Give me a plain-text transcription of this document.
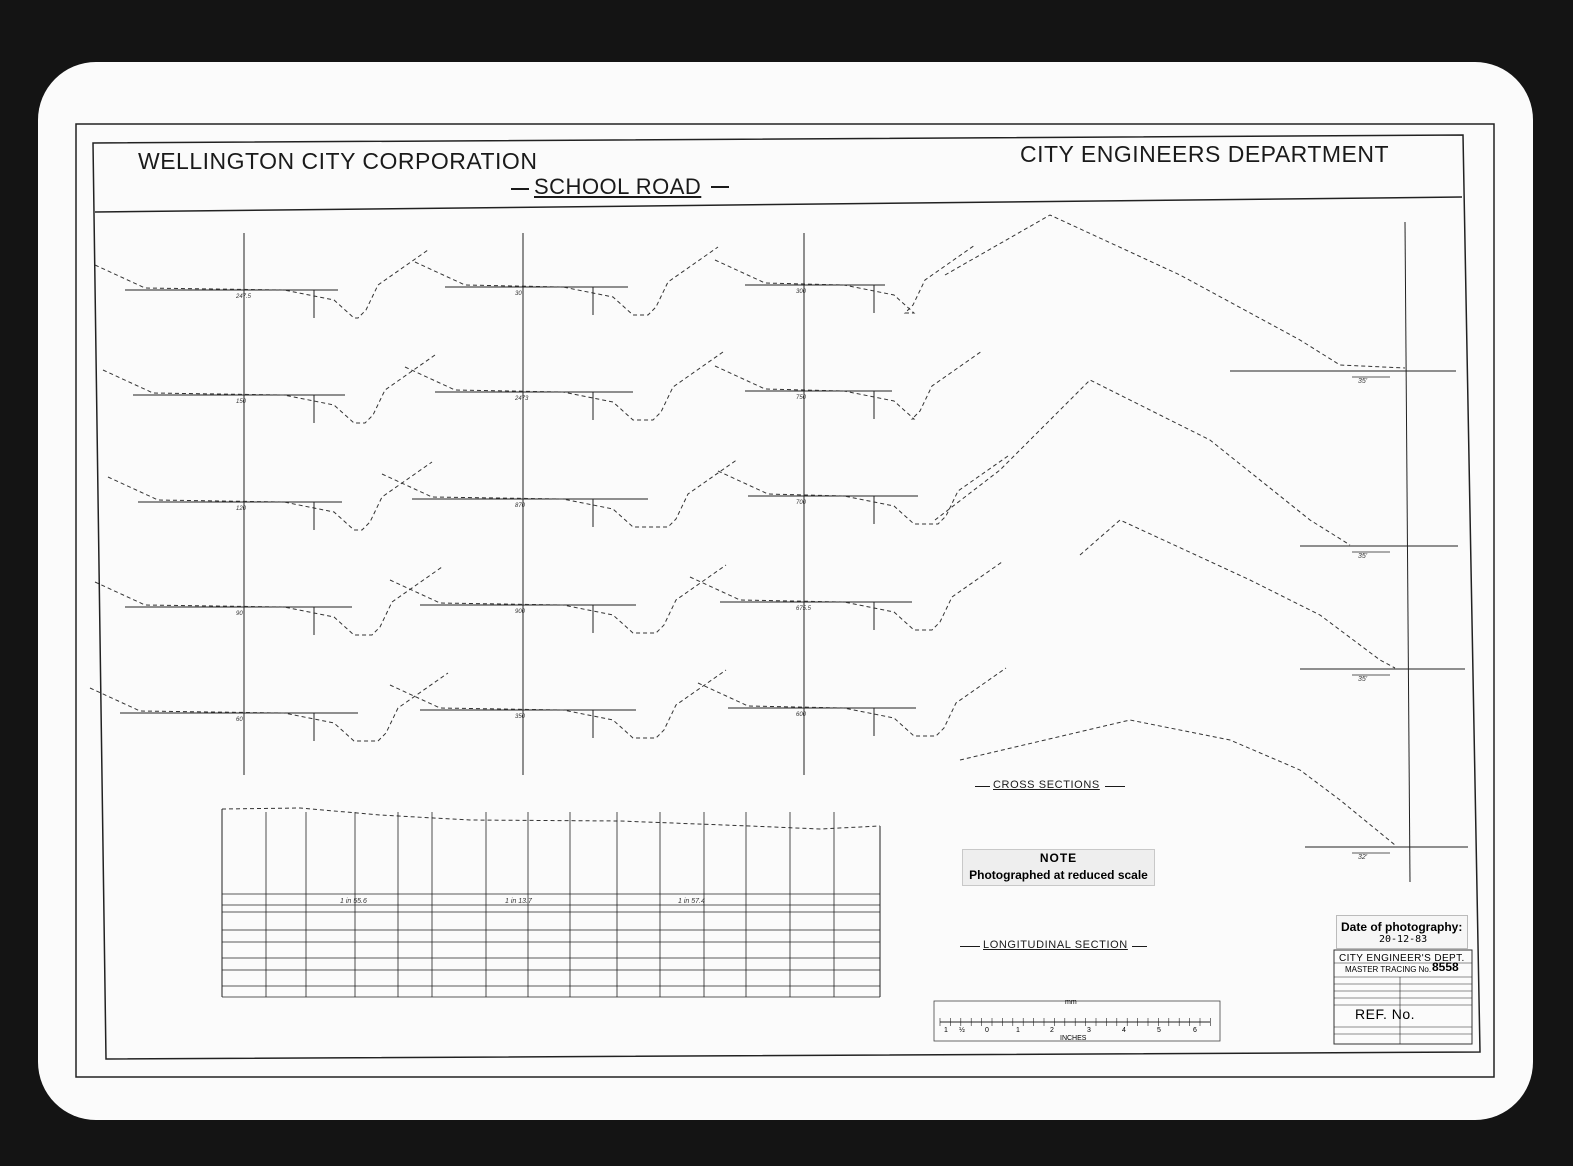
247.5
150
120
90
60
30
2473
870
900
350
300
750
700
675.5
600
35'
35'
35'
32'
1 in 55.6	1 in 13.7	1 in 57.4
WELLINGTON CITY CORPORATION	CITY ENGINEERS DEPARTMENT
SCHOOL ROAD
CROSS SECTIONS
LONGITUDINAL SECTION
NOTE
Photographed at reduced scale
Date of photography:
20-12-83
CITY ENGINEER'S DEPT.
MASTER TRACING No. 8558
REF. No.
mm
INCHES
1 ½	0	1	2	3	4	5	6
